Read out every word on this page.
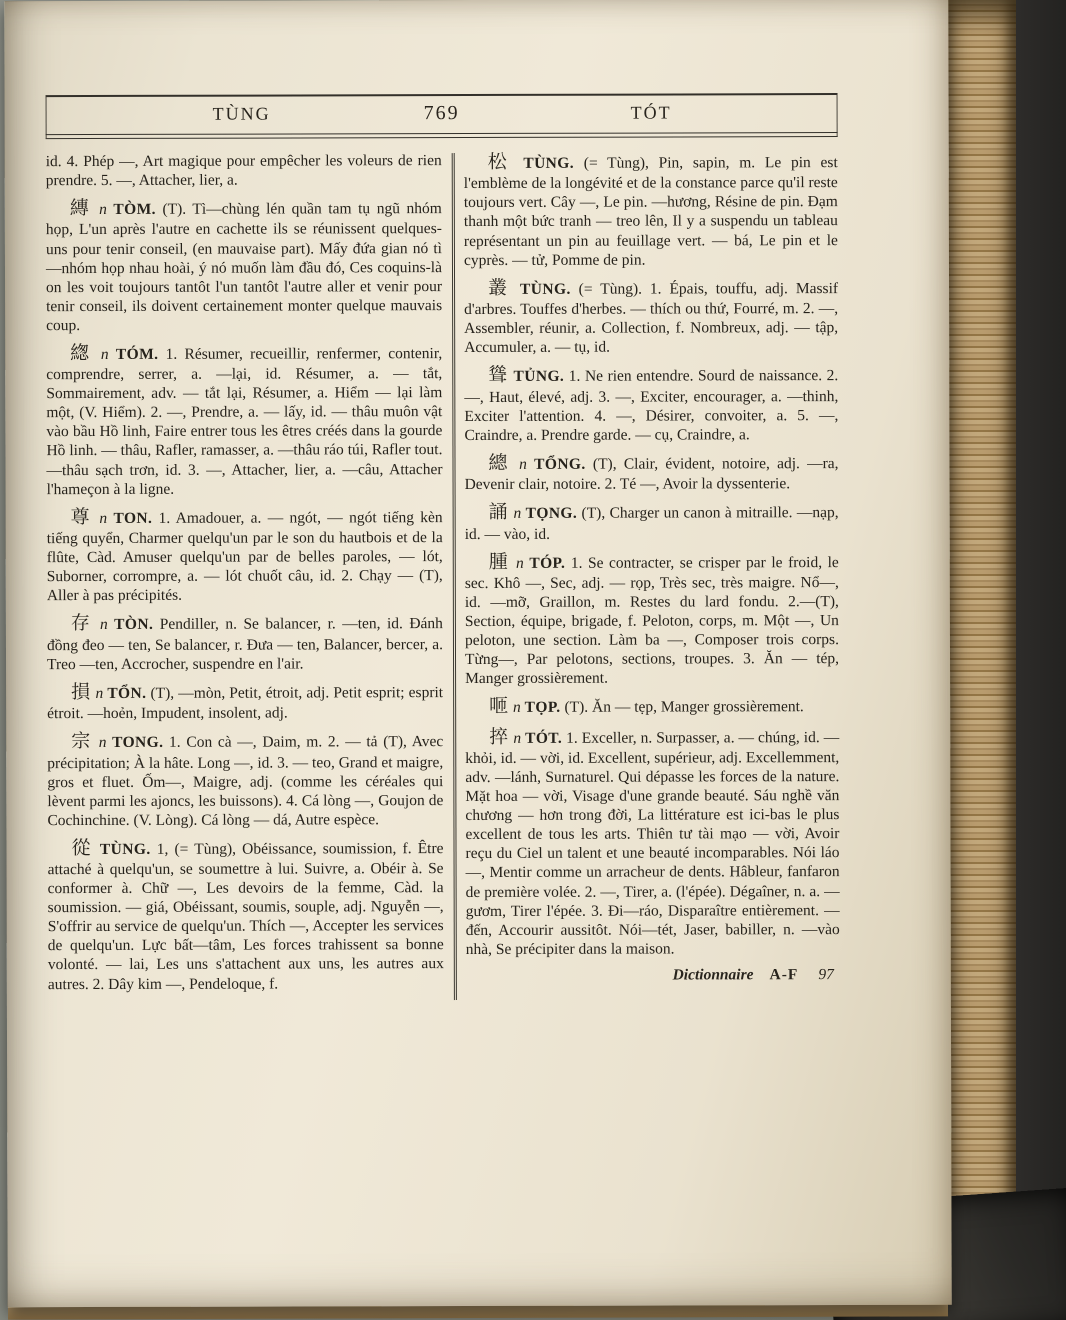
TÙNG	769	TÓT

id. 4. Phép —, Art magique pour empêcher les voleurs de rien prendre. 5. —, Attacher, lier, a.

縳 n TÒM. (T). Tì—chùng lén quần tam tụ ngũ nhóm họp, L'un après l'autre en cachette ils se réunissent quelques-uns pour tenir conseil, (en mauvaise part). Mấy đứa gian nó tì —nhóm họp nhau hoài, ý nó muốn làm đầu đó, Ces coquins-là on les voit toujours tantôt l'un tantôt l'autre aller et venir pour tenir conseil, ils doivent certainement monter quelque mauvais coup.

緫 n TÓM. 1. Résumer, recueillir, renfermer, contenir, comprendre, serrer, a. —lại, id. Résumer, a. — tắt, Sommairement, adv. — tắt lại, Résumer, a. Hiểm — lại làm một, (V. Hiểm). 2. —, Prendre, a. — lấy, id. — thâu muôn vật vào bầu Hồ linh, Faire entrer tous les êtres créés dans la gourde Hồ linh. — thâu, Rafler, ramasser, a. —thâu ráo túi, Rafler tout. —thâu sạch trơn, id. 3. —, Attacher, lier, a. —câu, Attacher l'hameçon à la ligne.

尊 n TON. 1. Amadouer, a. — ngót, — ngót tiếng kèn tiếng quyển, Charmer quelqu'un par le son du hautbois et de la flûte, Càd. Amuser quelqu'un par de belles paroles, — lót, Suborner, corrompre, a. — lót chuốt câu, id. 2. Chạy — (T), Aller à pas précipités.

存 n TÒN. Pendiller, n. Se balancer, r. —ten, id. Đánh đồng đeo — ten, Se balancer, r. Đưa — ten, Balancer, bercer, a. Treo —ten, Accrocher, suspendre en l'air.

損 n TỔN. (T), —mòn, Petit, étroit, adj. Petit esprit; esprit étroit. —hoẻn, Impudent, insolent, adj.

宗 n TONG. 1. Con cà —, Daim, m. 2. — tả (T), Avec précipitation; À la hâte. Long —, id. 3. — teo, Grand et maigre, gros et fluet. Ốm—, Maigre, adj. (comme les céréales qui lèvent parmi les ajoncs, les buissons). 4. Cá lòng —, Goujon de Cochinchine. (V. Lòng). Cá lòng — dá, Autre espèce.

從 TÙNG. 1, (= Tùng), Obéissance, soumission, f. Être attaché à quelqu'un, se soumettre à lui. Suivre, a. Obéir à. Se conformer à. Chữ —, Les devoirs de la femme, Càd. la soumission. — giá, Obéissant, soumis, souple, adj. Nguyễn —, S'offrir au service de quelqu'un. Thích —, Accepter les services de quelqu'un. Lực bất—tâm, Les forces trahissent sa bonne volonté. — lai, Les uns s'attachent aux uns, les autres aux autres. 2. Dây kim —, Pendeloque, f.

松 TÙNG. (= Tùng), Pin, sapin, m. Le pin est l'emblème de la longévité et de la constance parce qu'il reste toujours vert. Cây —, Le pin. —hương, Résine de pin. Đạm thanh một bức tranh — treo lên, Il y a suspendu un tableau représentant un pin au feuillage vert. — bá, Le pin et le cyprès. — tử, Pomme de pin.

叢 TÙNG. (= Tùng). 1. Épais, touffu, adj. Massif d'arbres. Touffes d'herbes. — thích ou thứ, Fourré, m. 2. —, Assembler, réunir, a. Collection, f. Nombreux, adj. — tập, Accumuler, a. — tụ, id.

聳 TỦNG. 1. Ne rien entendre. Sourd de naissance. 2. —, Haut, élevé, adj. 3. —, Exciter, encourager, a. —thinh, Exciter l'attention. 4. —, Désirer, convoiter, a. 5. —, Craindre, a. Prendre garde. — cụ, Craindre, a.

總 n TỔNG. (T), Clair, évident, notoire, adj. —ra, Devenir clair, notoire. 2. Té —, Avoir la dyssenterie.

誦 n TỌNG. (T), Charger un canon à mitraille. —nạp, id. — vào, id.

腫 n TÓP. 1. Se contracter, se crisper par le froid, le sec. Khô —, Sec, adj. — rọp, Très sec, très maigre. Nổ—, id. —mỡ, Graillon, m. Restes du lard fondu. 2.—(T), Section, équipe, brigade, f. Peloton, corps, m. Một —, Un peloton, une section. Làm ba —, Composer trois corps. Từng—, Par pelotons, sections, troupes. 3. Ăn — tép, Manger grossièrement.

咂 n TỌP. (T). Ăn — tẹp, Manger grossièrement.

捽 n TÓT. 1. Exceller, n. Surpasser, a. — chúng, id. — khỏi, id. — vời, id. Excellent, supérieur, adj. Excellemment, adv. —lánh, Surnaturel. Qui dépasse les forces de la nature. Mặt hoa — vời, Visage d'une grande beauté. Sáu nghề văn chương — hơn trong đời, La littérature est ici-bas le plus excellent de tous les arts. Thiên tư tài mạo — vời, Avoir reçu du Ciel un talent et une beauté incomparables. Nói láo —, Mentir comme un arracheur de dents. Hâbleur, fanfaron de première volée. 2. —, Tirer, a. (l'épée). Dégaîner, n. a. — gươm, Tirer l'épée. 3. Đi—ráo, Disparaître entièrement. —đến, Accourir aussitôt. Nói—tét, Jaser, babiller, n. —vào nhà, Se précipiter dans la maison.

Dictionnaire A-F 97
